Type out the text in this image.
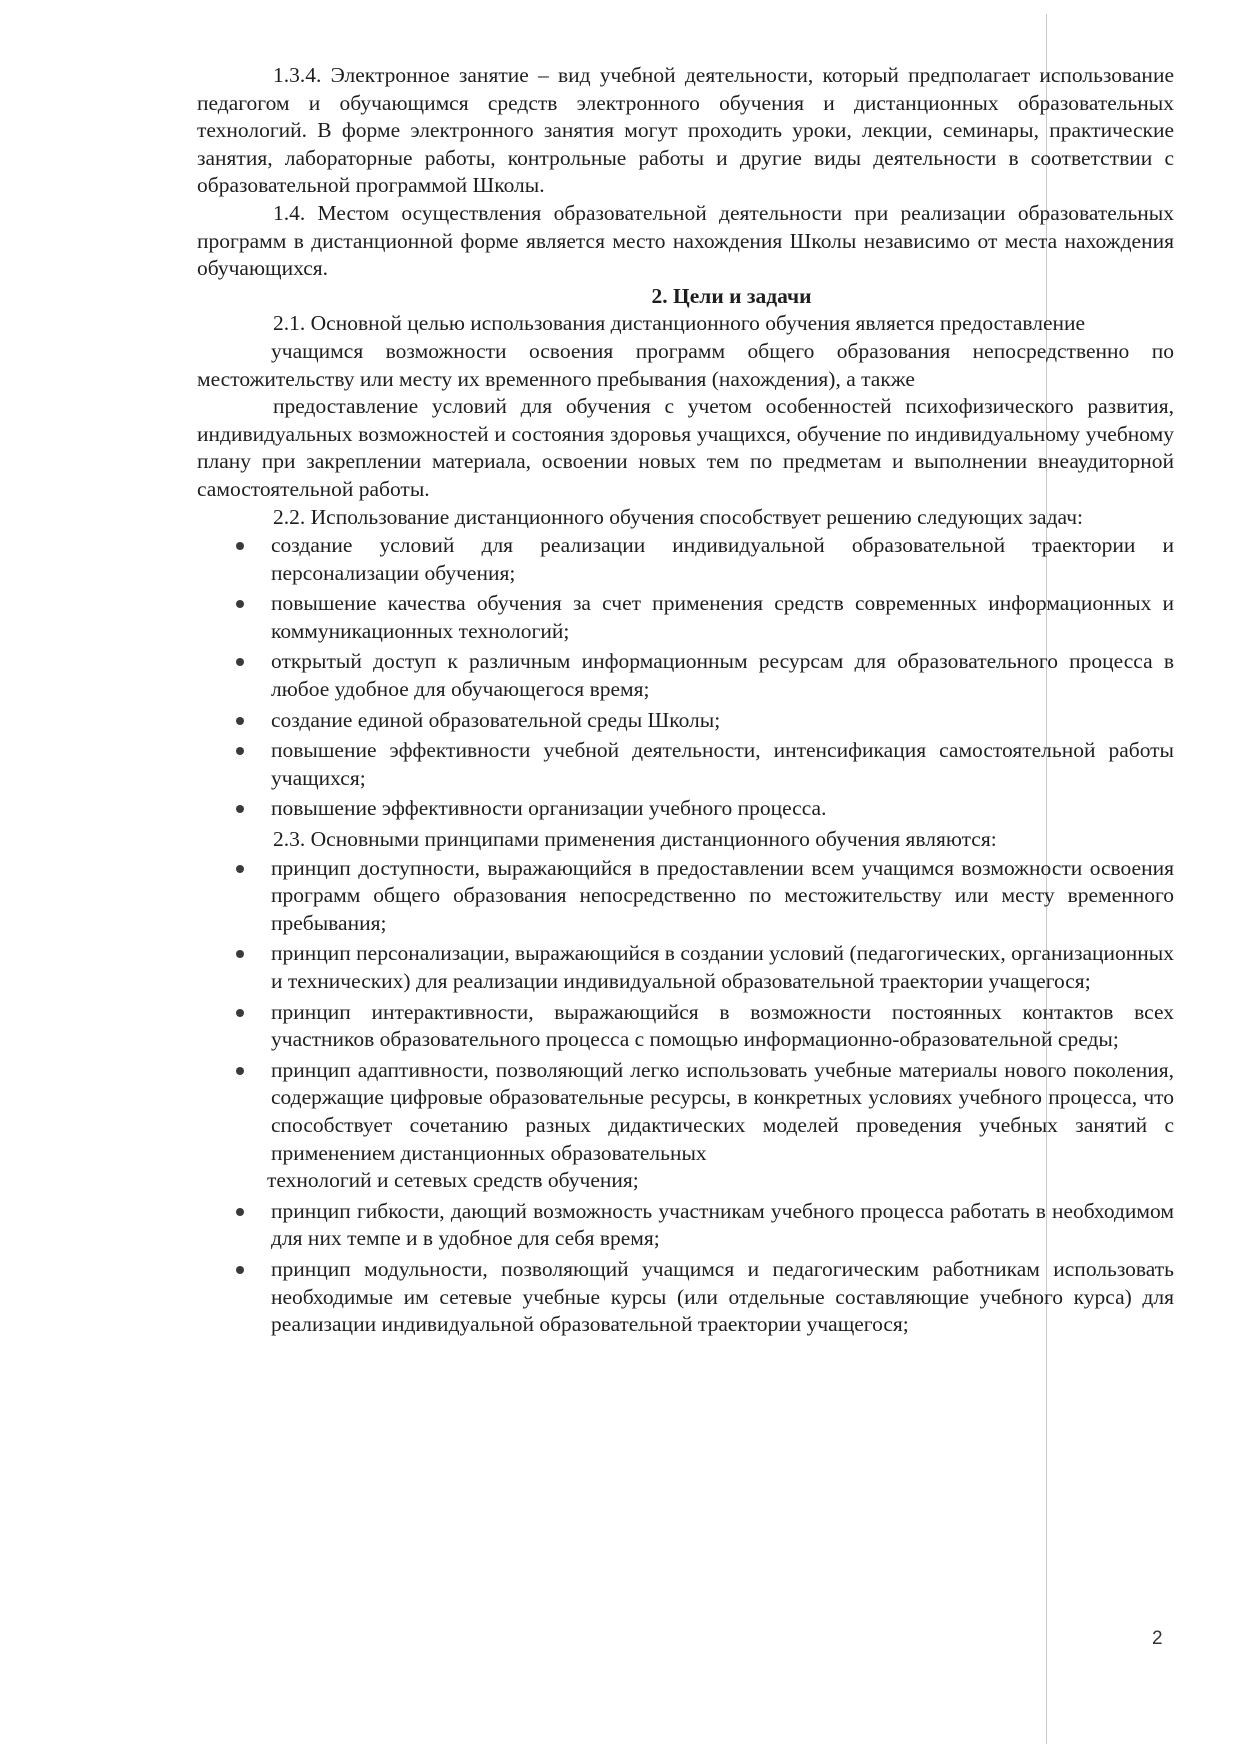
1.3.4. Электронное занятие – вид учебной деятельности, который предполагает использование педагогом и обучающимся средств электронного обучения и дистанционных образовательных технологий. В форме электронного занятия могут проходить уроки, лекции, семинары, практические занятия, лабораторные работы, контрольные работы и другие виды деятельности в соответствии с образовательной программой Школы.

1.4. Местом осуществления образовательной деятельности при реализации образовательных программ в дистанционной форме является место нахождения Школы независимо от места нахождения обучающихся.

2. Цели и задачи

2.1. Основной целью использования дистанционного обучения является предоставление

учащимся возможности освоения программ общего образования непосредственно по местожительству или месту их временного пребывания (нахождения), а также

предоставление условий для обучения с учетом особенностей психофизического развития, индивидуальных возможностей и состояния здоровья учащихся, обучение по индивидуальному учебному плану при закреплении материала, освоении новых тем по предметам и выполнении внеаудиторной самостоятельной работы.

2.2. Использование дистанционного обучения способствует решению следующих задач:

создание условий для реализации индивидуальной образовательной траектории и персонализации обучения;
повышение качества обучения за счет применения средств современных информационных и коммуникационных технологий;
открытый доступ к различным информационным ресурсам для образовательного процесса в любое удобное для обучающегося время;
создание единой образовательной среды Школы;
повышение эффективности учебной деятельности, интенсификация самостоятельной работы учащихся;
повышение эффективности организации учебного процесса.

2.3. Основными принципами применения дистанционного обучения являются:

принцип доступности, выражающийся в предоставлении всем учащимся возможности освоения программ общего образования непосредственно по местожительству или месту временного пребывания;
принцип персонализации, выражающийся в создании условий (педагогических, организационных и технических) для реализации индивидуальной образовательной траектории учащегося;
принцип интерактивности, выражающийся в возможности постоянных контактов всех участников образовательного процесса с помощью информационно-образовательной среды;
принцип адаптивности, позволяющий легко использовать учебные материалы нового поколения, содержащие цифровые образовательные ресурсы, в конкретных условиях учебного процесса, что способствует сочетанию разных дидактических моделей проведения учебных занятий с применением дистанционных образовательных

технологий и сетевых средств обучения;

принцип гибкости, дающий возможность участникам учебного процесса работать в необходимом для них темпе и в удобное для себя время;
принцип модульности, позволяющий учащимся и педагогическим работникам использовать необходимые им сетевые учебные курсы (или отдельные составляющие учебного курса) для реализации индивидуальной образовательной траектории учащегося;
2
